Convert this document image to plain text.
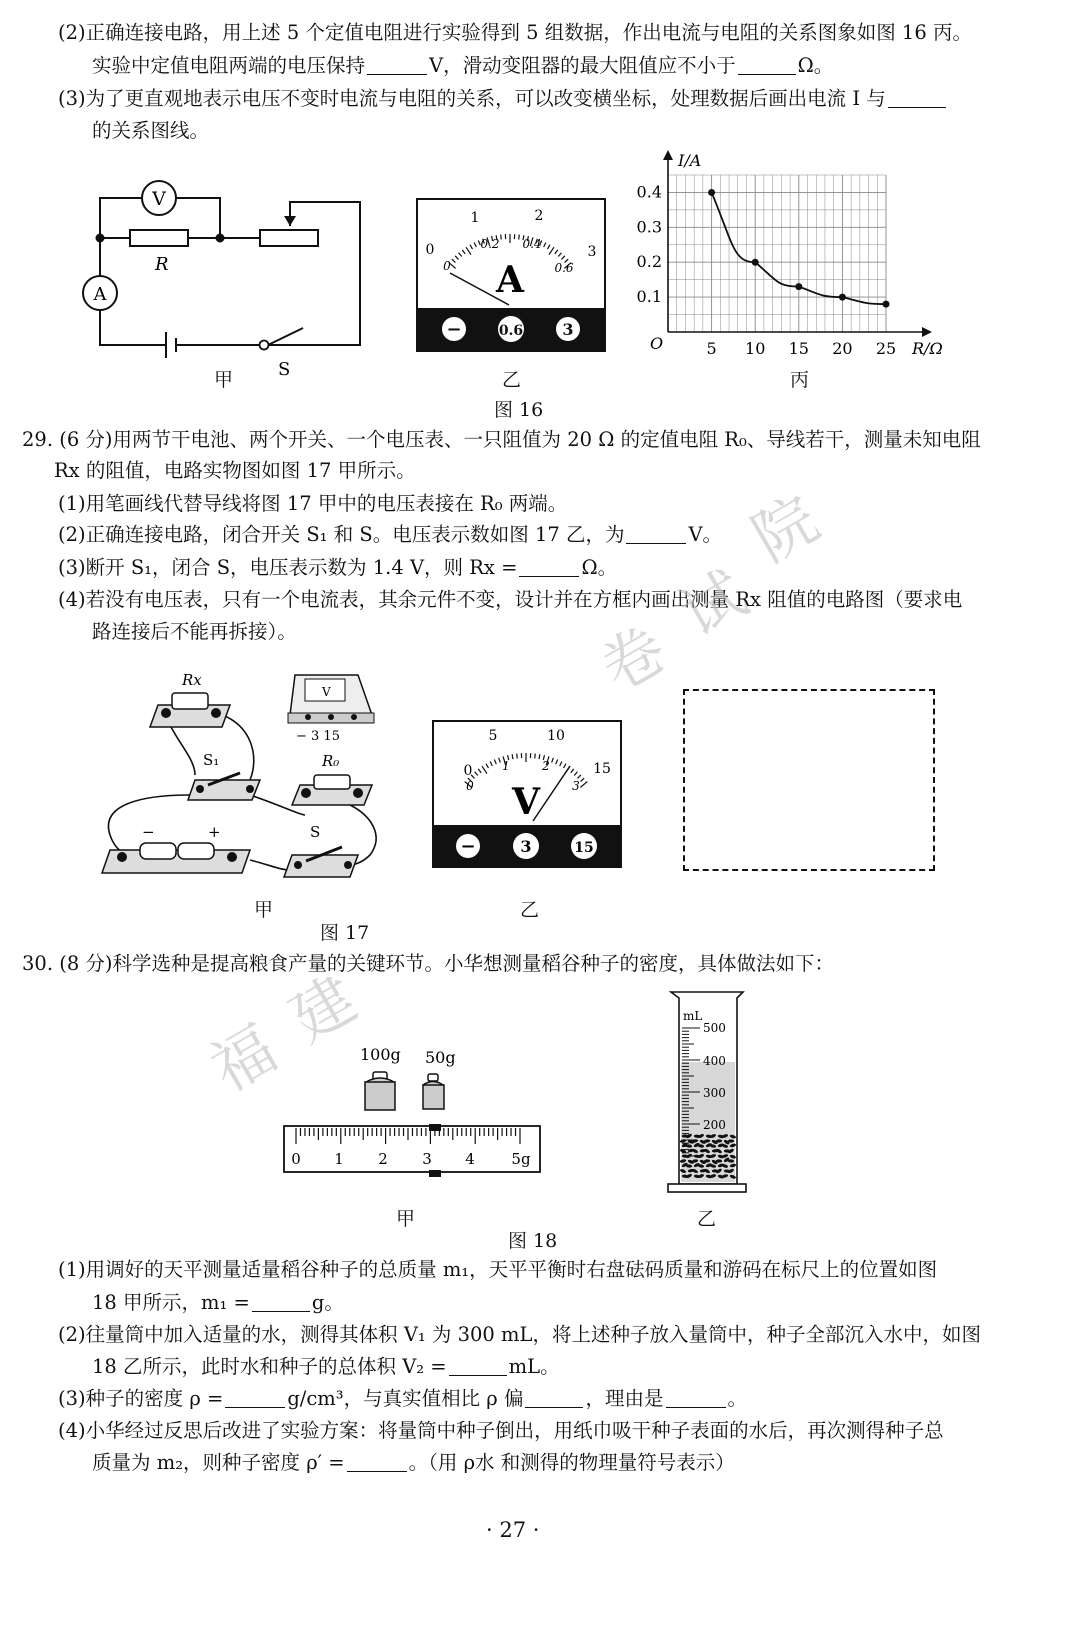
(2)正确连接电路，用上述 5 个定值电阻进行实验得到 5 组数据，作出电流与电阻的关系图象如图 16 丙。
实验中定值电阻两端的电压保持	V，滑动变阻器的最大阻值应不小于	Ω。
(3)为了更直观地表示电压不变时电流与电阻的关系，可以改变横坐标，处理数据后画出电流 I 与
的关系图线。
V
A
R
S
甲
1	2
3
0
0
0.2 0.4
0.6
A
−	0.6 3
乙
5 10 15 20 25
0.1
0.2
0.3
0.4
I/A
R/Ω
O
丙
图 16
29. (6 分)用两节干电池、两个开关、一个电压表、一只阻值为 20 Ω 的定值电阻 R₀、导线若干，测量未知电阻
Rx 的阻值，电路实物图如图 17 甲所示。
(1)用笔画线代替导线将图 17 甲中的电压表接在 R₀ 两端。
(2)正确连接电路，闭合开关 S₁ 和 S。电压表示数如图 17 乙，为	V。
(3)断开 S₁，闭合 S，电压表示数为 1.4 V，则 Rx =	Ω。
(4)若没有电压表，只有一个电流表，其余元件不变，设计并在方框内画出测量 Rx 阻值的电路图（要求电
路连接后不能再拆接）。
Rx
V
− 3 15
S₁	R₀
−	+	S
甲
图 17
0
5	10
15
0
1	2
3
V
−	3	15
乙
30. (8 分)科学选种是提高粮食产量的关键环节。小华想测量稻谷种子的密度，具体做法如下：
100g 50g
0 1 2 3 4 5g
甲
mL
500
400
300
200
乙
图 18
(1)用调好的天平测量适量稻谷种子的总质量 m₁，天平平衡时右盘砝码质量和游码在标尺上的位置如图
18 甲所示，m₁ =	g。
(2)往量筒中加入适量的水，测得其体积 V₁ 为 300 mL，将上述种子放入量筒中，种子全部沉入水中，如图
18 乙所示，此时水和种子的总体积 V₂ =	mL。
(3)种子的密度 ρ =	g/cm³，与真实值相比 ρ 偏	，理由是	。
(4)小华经过反思后改进了实验方案：将量筒中种子倒出，用纸巾吸干种子表面的水后，再次测得种子总
质量为 m₂，则种子密度 ρ′ =	。（用 ρ水 和测得的物理量符号表示）
· 27 ·
福
建
卷
试
院
